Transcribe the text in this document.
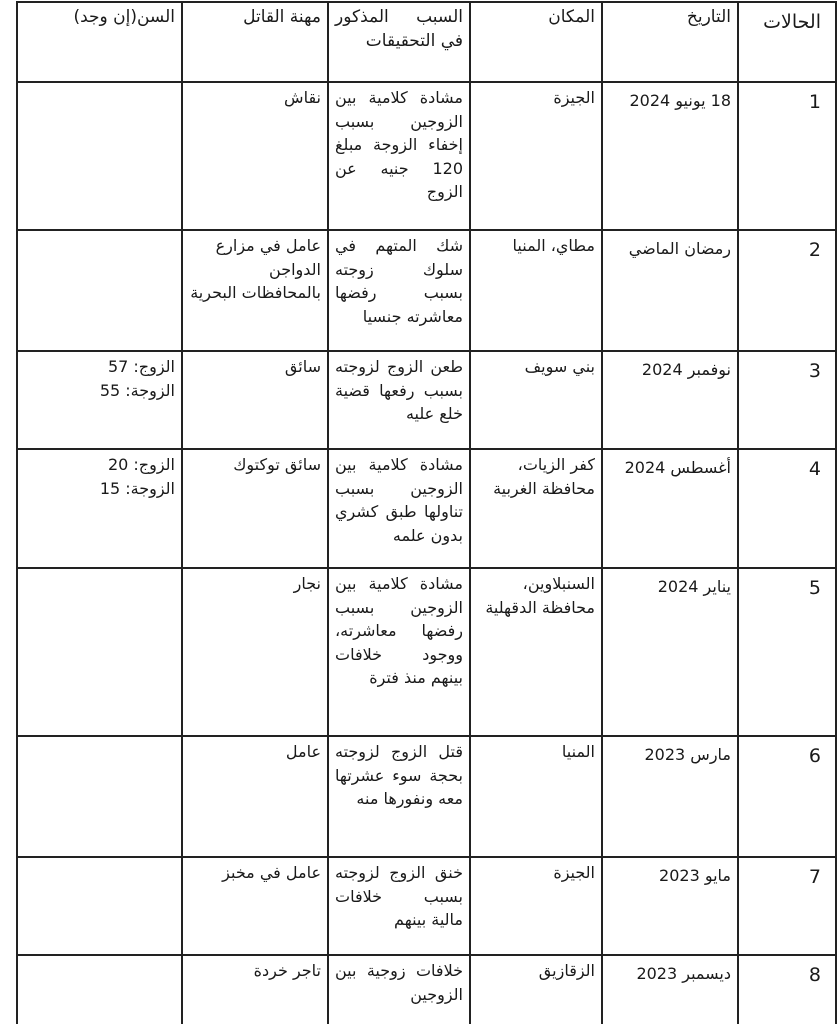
الحالات	التاريخ	المكان	السبب المذكور في التحقيقات	مهنة القاتل	السن(إن وجد)
1	18 يونيو 2024	الجيزة	مشادة كلامية بين الزوجين بسبب إخفاء الزوجة مبلغ 120 جنيه عن الزوج	نقاش	

2	رمضان الماضي	مطاي، المنيا	شك المتهم في سلوك زوجته بسبب رفضها معاشرته جنسيا	عامل في مزارع الدواجن بالمحافظات البحرية	

3	نوفمبر 2024	بني سويف	طعن الزوج لزوجته بسبب رفعها قضية خلع عليه	سائق	الزوج: 57
الزوجة: 55

4	أغسطس 2024	كفر الزيات، محافظة الغربية	مشادة كلامية بين الزوجين بسبب تناولها طبق كشري بدون علمه	سائق توكتوك	الزوج: 20
الزوجة: 15

5	يناير 2024	السنبلاوين، محافظة الدقهلية	مشادة كلامية بين الزوجين بسبب رفضها معاشرته، ووجود خلافات بينهم منذ فترة	نجار	

6	مارس 2023	المنيا	قتل الزوج لزوجته بحجة سوء عشرتها معه ونفورها منه	عامل	

7	مايو 2023	الجيزة	خنق الزوج لزوجته بسبب خلافات مالية بينهم	عامل في مخبز	

8	ديسمبر 2023	الزقازيق	خلافات زوجية بين الزوجين	تاجر خردة	
